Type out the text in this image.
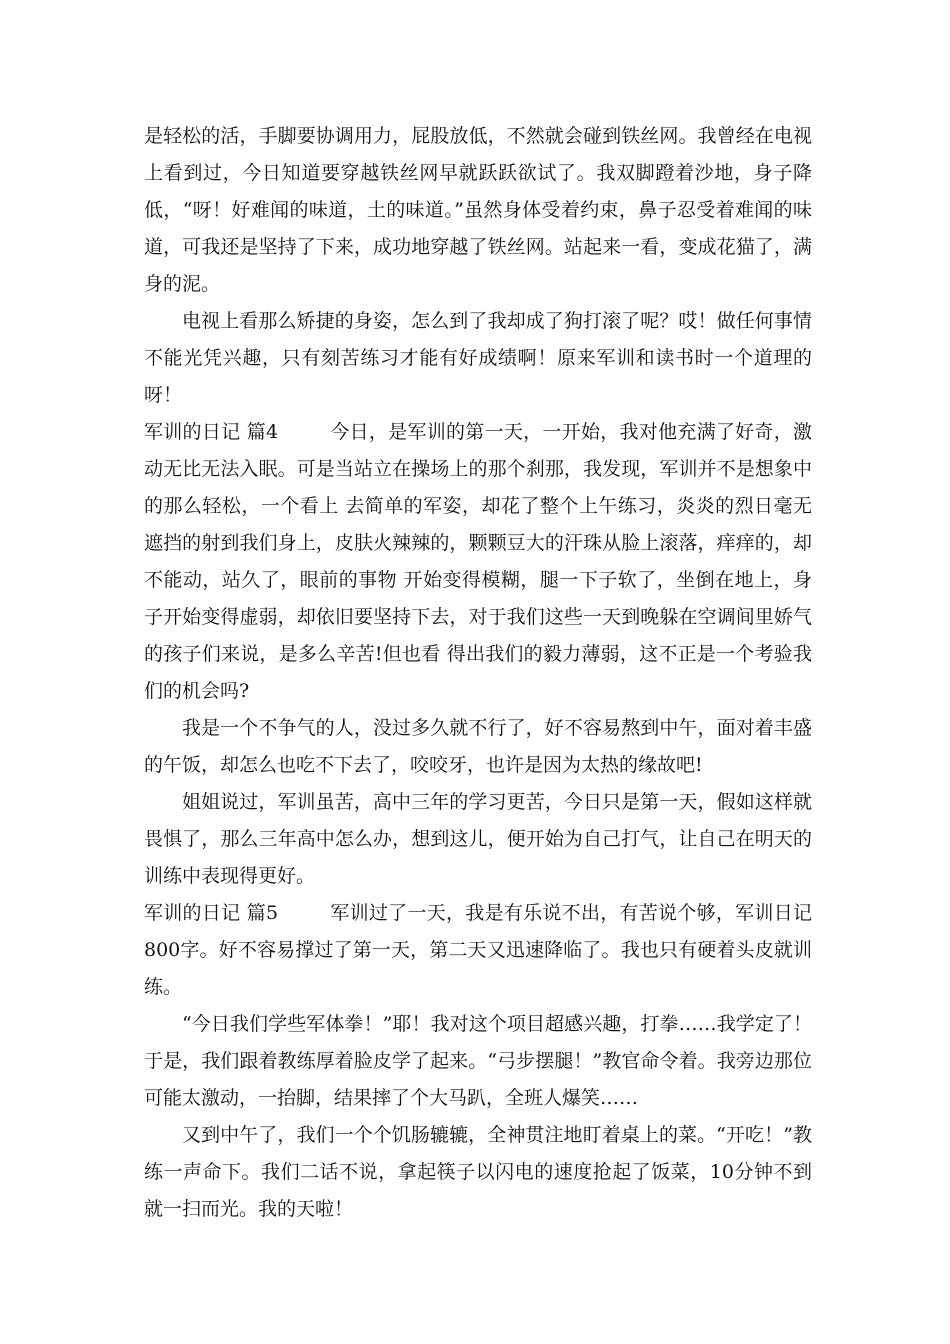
是轻松的活，手脚要协调用力，屁股放低，不然就会碰到铁丝网。我曾经在电视上看到过，今日知道要穿越铁丝网早就跃跃欲试了。我双脚蹬着沙地，身子降低，“呀！好难闻的味道，土的味道。”虽然身体受着约束，鼻子忍受着难闻的味道，可我还是坚持了下来，成功地穿越了铁丝网。站起来一看，变成花猫了，满身的泥。

电视上看那么矫捷的身姿，怎么到了我却成了狗打滚了呢？哎！做任何事情不能光凭兴趣，只有刻苦练习才能有好成绩啊！原来军训和读书时一个道理的呀！

军训的日记 篇4	今日，是军训的第一天，一开始，我对他充满了好奇，激动无比无法入眠。可是当站立在操场上的那个刹那，我发现，军训并不是想象中的那么轻松，一个看上 去简单的军姿，却花了整个上午练习，炎炎的烈日毫无遮挡的射到我们身上，皮肤火辣辣的，颗颗豆大的汗珠从脸上滚落，痒痒的，却不能动，站久了，眼前的事物 开始变得模糊，腿一下子软了，坐倒在地上，身子开始变得虚弱，却依旧要坚持下去，对于我们这些一天到晚躲在空调间里娇气的孩子们来说，是多么辛苦!但也看 得出我们的毅力薄弱，这不正是一个考验我们的机会吗?

我是一个不争气的人，没过多久就不行了，好不容易熬到中午，面对着丰盛的午饭，却怎么也吃不下去了，咬咬牙，也许是因为太热的缘故吧!

姐姐说过，军训虽苦，高中三年的学习更苦，今日只是第一天，假如这样就畏惧了，那么三年高中怎么办，想到这儿，便开始为自己打气，让自己在明天的训练中表现得更好。

军训的日记 篇5	军训过了一天，我是有乐说不出，有苦说个够，军训日记800字。好不容易撑过了第一天，第二天又迅速降临了。我也只有硬着头皮就训练。

“今日我们学些军体拳！”耶！我对这个项目超感兴趣，打拳……我学定了！于是，我们跟着教练厚着脸皮学了起来。“弓步摆腿！”教官命令着。我旁边那位可能太激动，一抬脚，结果摔了个大马趴，全班人爆笑……

又到中午了，我们一个个饥肠辘辘，全神贯注地盯着桌上的菜。“开吃！”教练一声命下。我们二话不说，拿起筷子以闪电的速度抢起了饭菜，10分钟不到就一扫而光。我的天啦！
